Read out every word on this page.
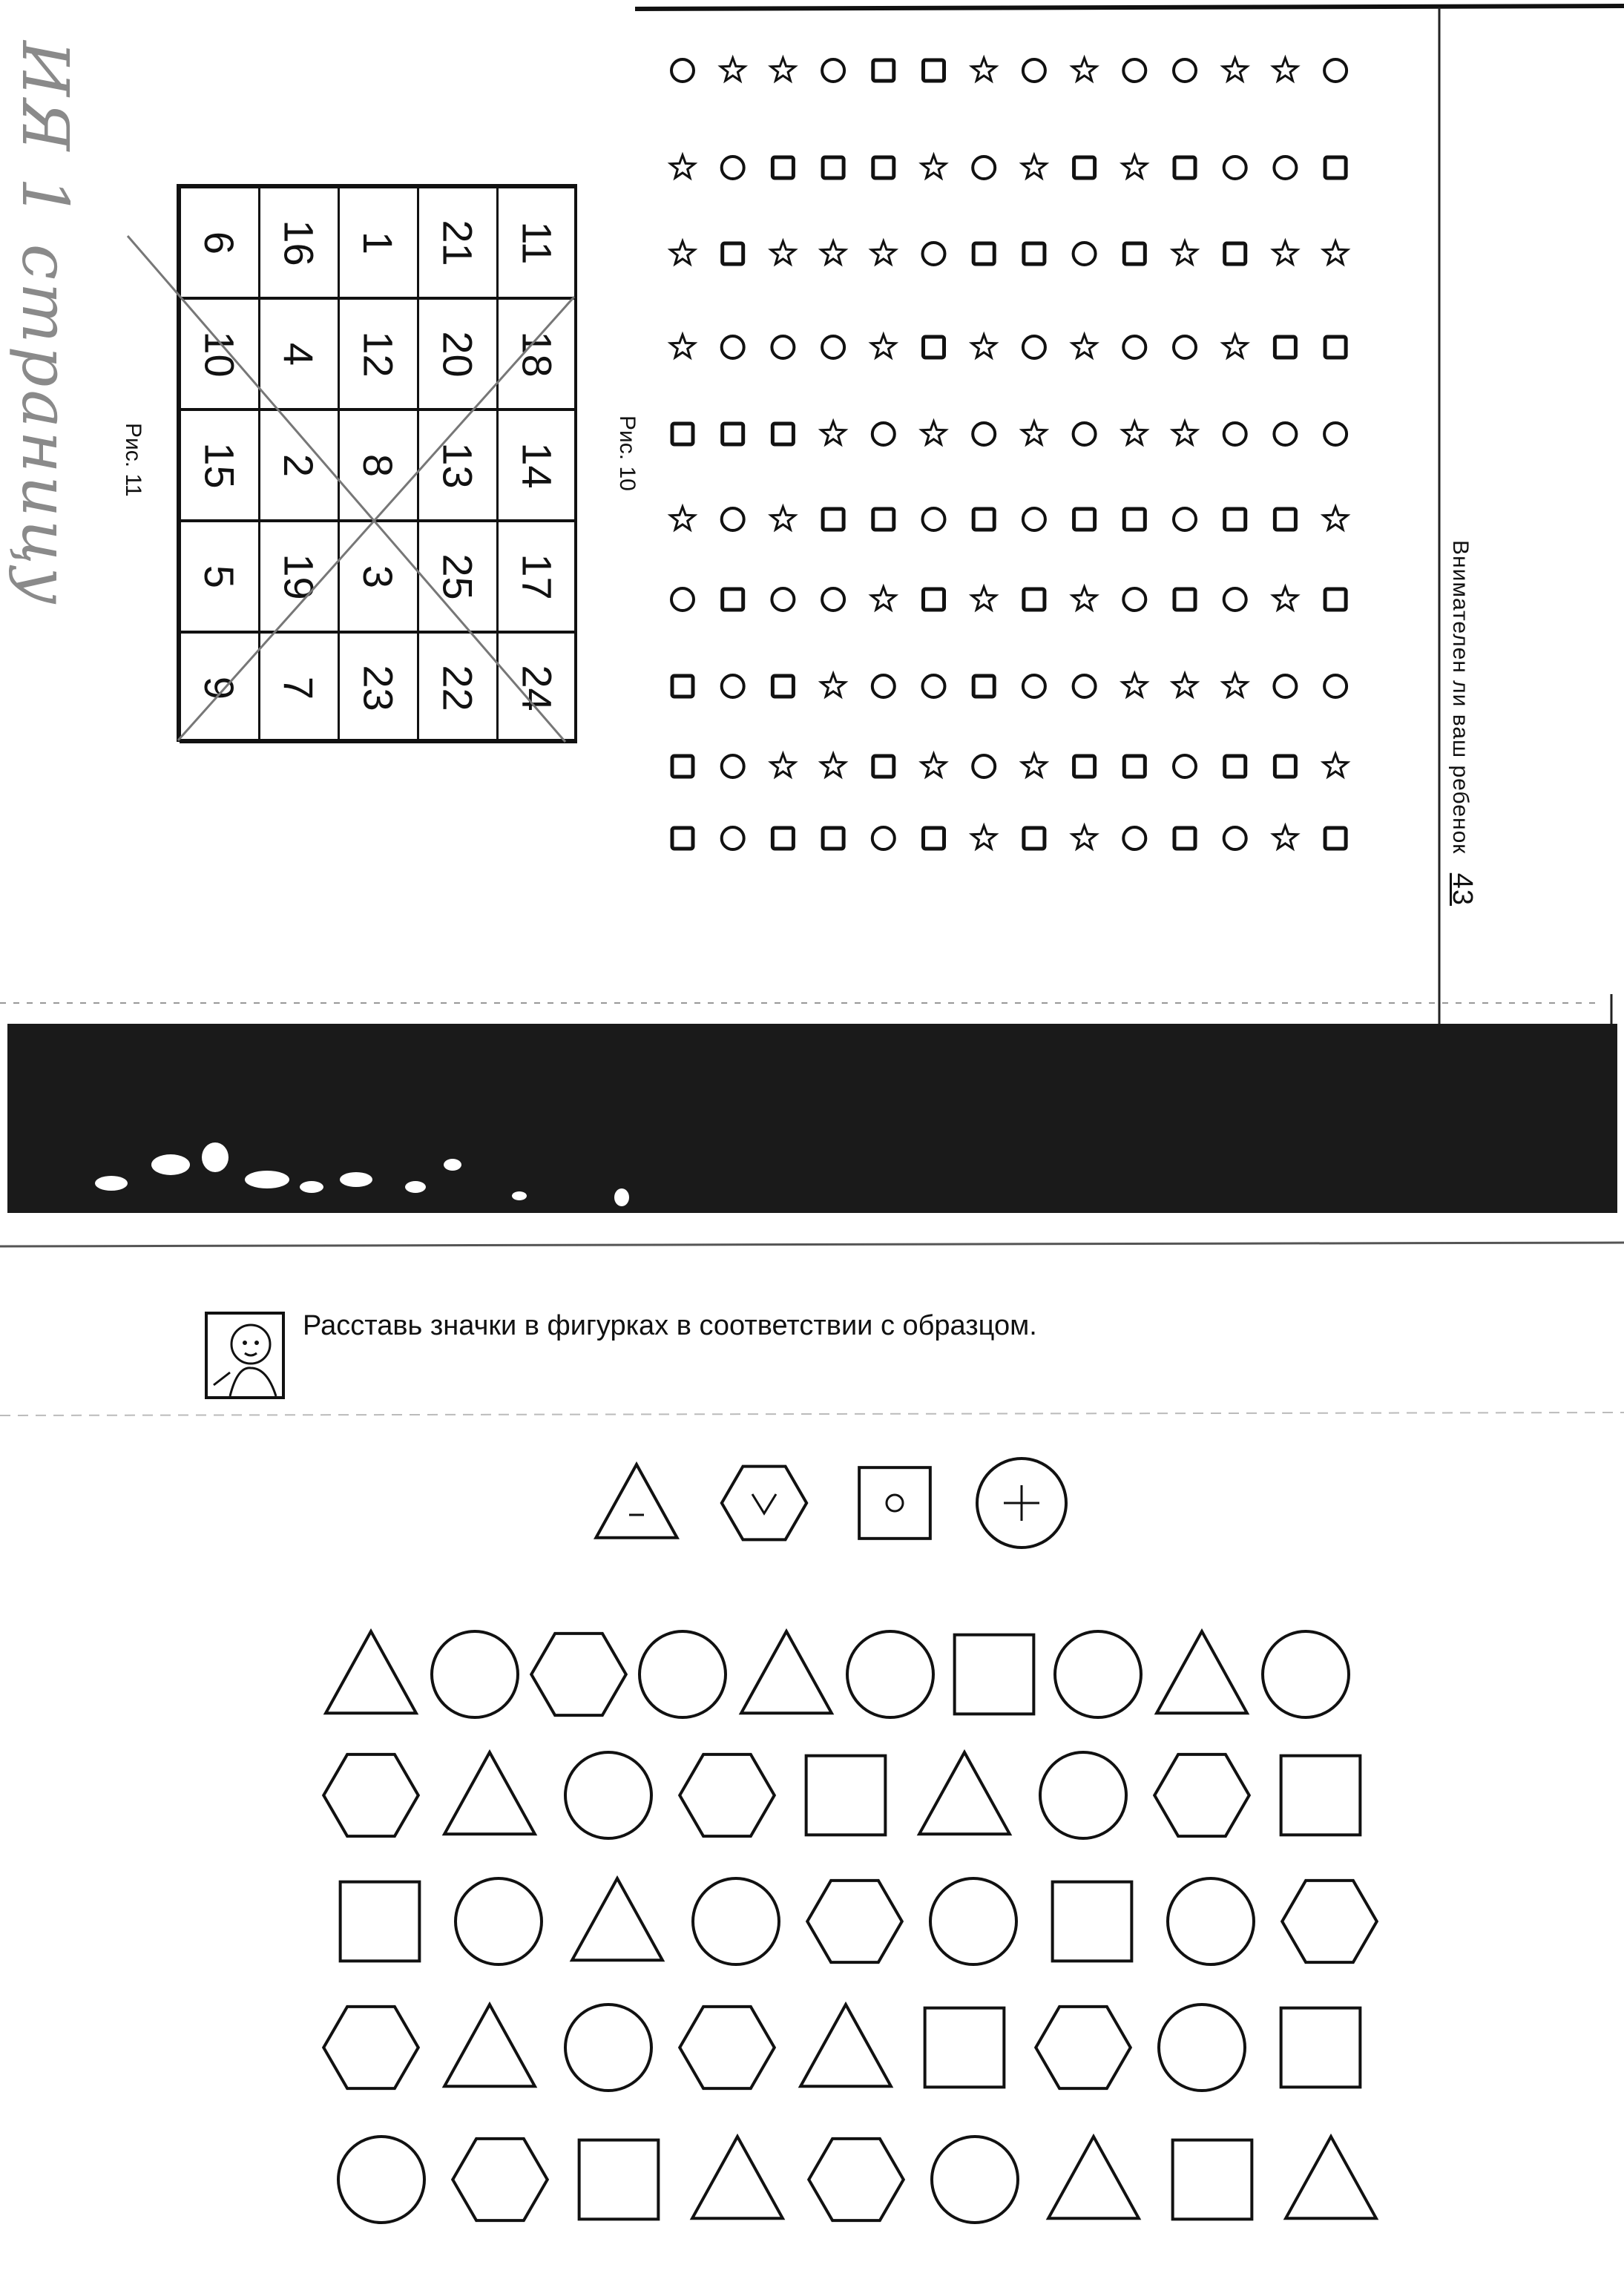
Внимателен ли ваш ребенок 43
Рис. 10
11
18
14
17
24
21
20
13
25
22
1
12
8
3
23
16
4
2
19
7
6
10
15
5
9
Рис. 11
ИЯ 1 страницу
Расставь значки в фигурках в соответствии с образцом.
